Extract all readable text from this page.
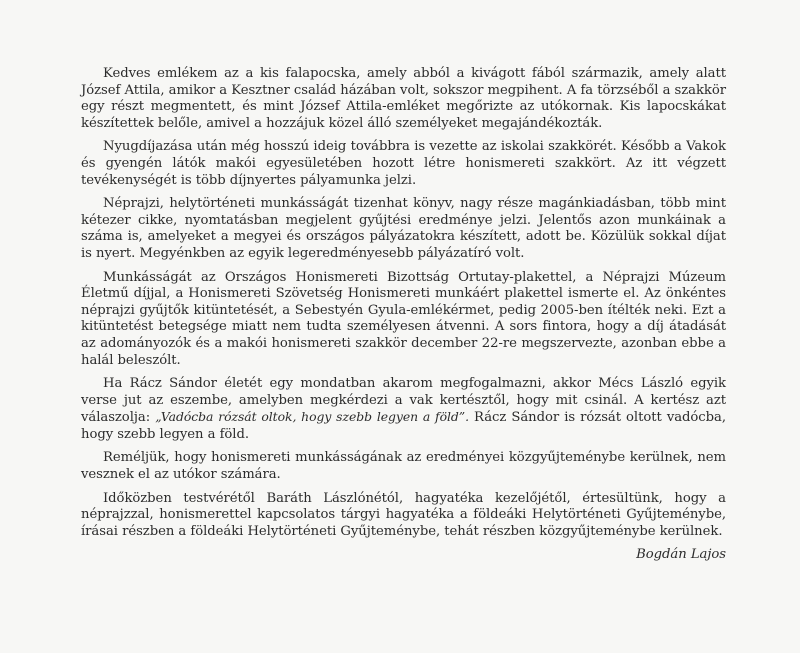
Kedves emlékem az a kis falapocska, amely abból a kivágott fából származik, amely alatt József Attila, amikor a Kesztner család házában volt, sokszor megpihent. A fa törzséből a szakkör egy részt megmentett, és mint József Attila-emléket megőrizte az utókornak. Kis lapocskákat készítettek belőle, amivel a hozzájuk közel álló személyeket megajándékozták.

Nyugdíjazása után még hosszú ideig továbbra is vezette az iskolai szakkörét. Később a Vakok és gyengén látók makói egyesületében hozott létre honismereti szakkört. Az itt végzett tevékenységét is több díjnyertes pályamunka jelzi.

Néprajzi, helytörténeti munkásságát tizenhat könyv, nagy része magánkiadásban, több mint kétezer cikke, nyomtatásban megjelent gyűjtési eredménye jelzi. Jelentős azon munkáinak a száma is, amelyeket a megyei és országos pályázatokra készített, adott be. Közülük sokkal díjat is nyert. Megyénkben az egyik legeredményesebb pályázatíró volt.

Munkásságát az Országos Honismereti Bizottság Ortutay-plakettel, a Néprajzi Múzeum Életmű díjjal, a Honismereti Szövetség Honismereti munkáért plakettel ismerte el. Az önkéntes néprajzi gyűjtők kitüntetését, a Sebestyén Gyula-emlékérmet, pedig 2005-ben ítélték neki. Ezt a kitüntetést betegsége miatt nem tudta személyesen átvenni. A sors fintora, hogy a díj átadását az adományozók és a makói honismereti szakkör december 22-re megszervezte, azonban ebbe a halál beleszólt.

Ha Rácz Sándor életét egy mondatban akarom megfogalmazni, akkor Mécs László egyik verse jut az eszembe, amelyben megkérdezi a vak kertésztől, hogy mit csinál. A kertész azt válaszolja: „Vadócba rózsát oltok, hogy szebb legyen a föld”. Rácz Sándor is rózsát oltott vadócba, hogy szebb legyen a föld.

Reméljük, hogy honismereti munkásságának az eredményei közgyűjteménybe kerülnek, nem vesznek el az utókor számára.

Időközben testvérétől Baráth Lászlónétól, hagyatéka kezelőjétől, értesültünk, hogy a néprajzzal, honismerettel kapcsolatos tárgyi hagyatéka a földeáki Helytörténeti Gyűjteménybe, írásai részben a földeáki Helytörténeti Gyűjteménybe, tehát részben közgyűjteménybe kerülnek.

Bogdán Lajos
